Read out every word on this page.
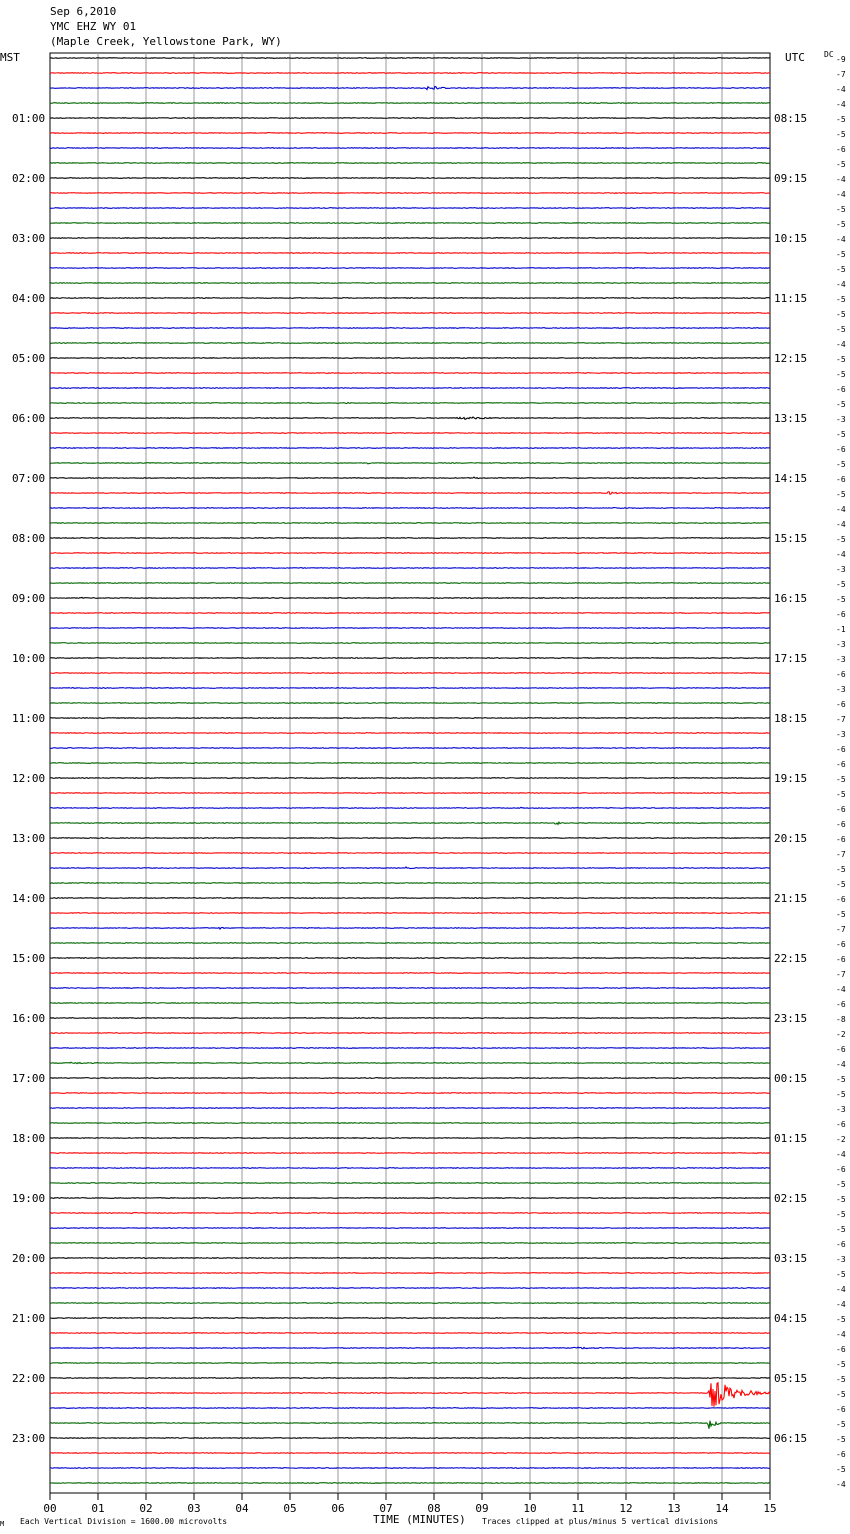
Sep 6,2010
YMC EHZ WY 01
(Maple Creek, Yellowstone Park, WY)
-9
-7
-4
-4
-5
-5
-6
-5
-4
-4
-5
-5
-4
-5
-5
-4
-5
-5
-5
-4
-5
-5
-6
-5
-3
-5
-6
-5
-6
-5
-4
-4
-5
-4
-3
-5
-5
-6
-1
-3
-3
-6
-3
-6
-7
-3
-6
-6
-5
-5
-6
-6
-6
-7
-5
-5
-6
-5
-7
-6
-6
-7
-4
-6
-8
-2
-6
-4
-5
-5
-3
-6
-2
-4
-6
-5
-5
-5
-5
-6
-3
-5
-4
-4
-5
-4
-6
-5
-5
-5
-6
-5
-5
-6
-5
-4
DC
MST	UTC
01:00
02:00
03:00
04:00
05:00
06:00
07:00
08:00
09:00
10:00
11:00
12:00
13:00
14:00
15:00
16:00
17:00
18:00
19:00
20:00
21:00
22:00
23:00
08:15
09:15
10:15
11:15
12:15
13:15
14:15
15:15
16:15
17:15
18:15
19:15
20:15
21:15
22:15
23:15
00:15
01:15
02:15
03:15
04:15
05:15
06:15
00	01	02	03	04	05	06	07	08	09	10	11	12	13	14	15
M Each Vertical Division = 1600.00 microvolts	TIME (MINUTES) Traces clipped at plus/minus 5 vertical divisions
